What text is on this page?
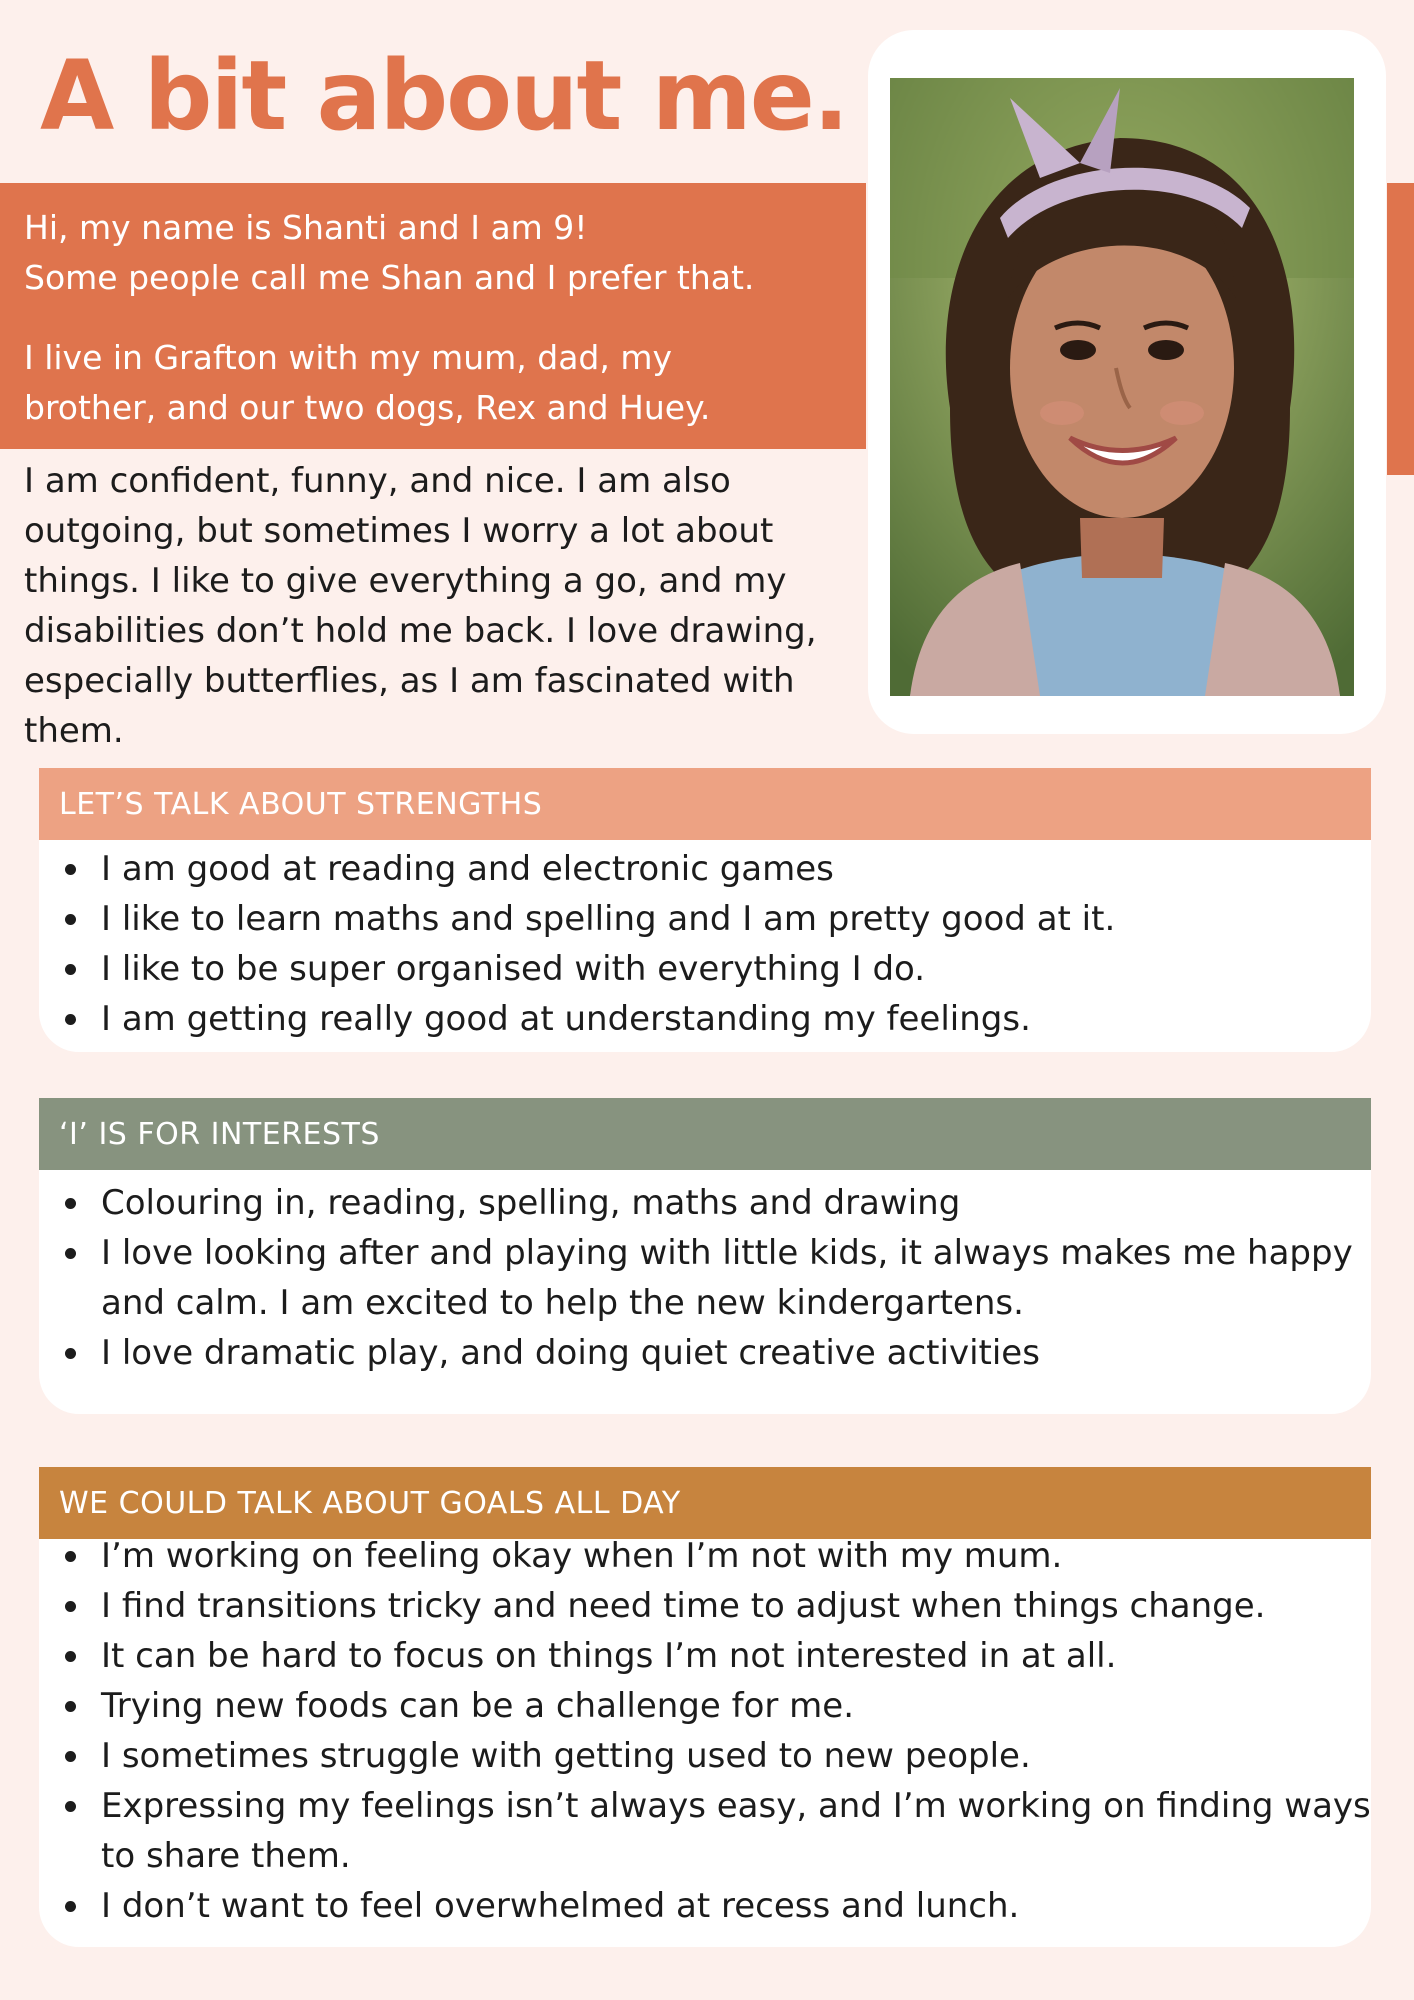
A bit about me.

Hi, my name is Shanti and I am 9!
Some people call me Shan and I prefer that.

I live in Grafton with my mum, dad, my
brother, and our two dogs, Rex and Huey.

I am confident, funny, and nice. I am also outgoing, but sometimes I worry a lot about things. I like to give everything a go, and my disabilities don’t hold me back. I love drawing, especially butterflies, as I am fascinated with them.

LET’S TALK ABOUT STRENGTHS
I am good at reading and electronic games
I like to learn maths and spelling and I am pretty good at it.
I like to be super organised with everything I do.
I am getting really good at understanding my feelings.
‘I’ IS FOR INTERESTS
Colouring in, reading, spelling, maths and drawing
I love looking after and playing with little kids, it always makes me happy and calm. I am excited to help the new kindergartens.
I love dramatic play, and doing quiet creative activities
WE COULD TALK ABOUT GOALS ALL DAY
I’m working on feeling okay when I’m not with my mum.
I find transitions tricky and need time to adjust when things change.
It can be hard to focus on things I’m not interested in at all.
Trying new foods can be a challenge for me.
I sometimes struggle with getting used to new people.
Expressing my feelings isn’t always easy, and I’m working on finding ways to share them.
I don’t want to feel overwhelmed at recess and lunch.
